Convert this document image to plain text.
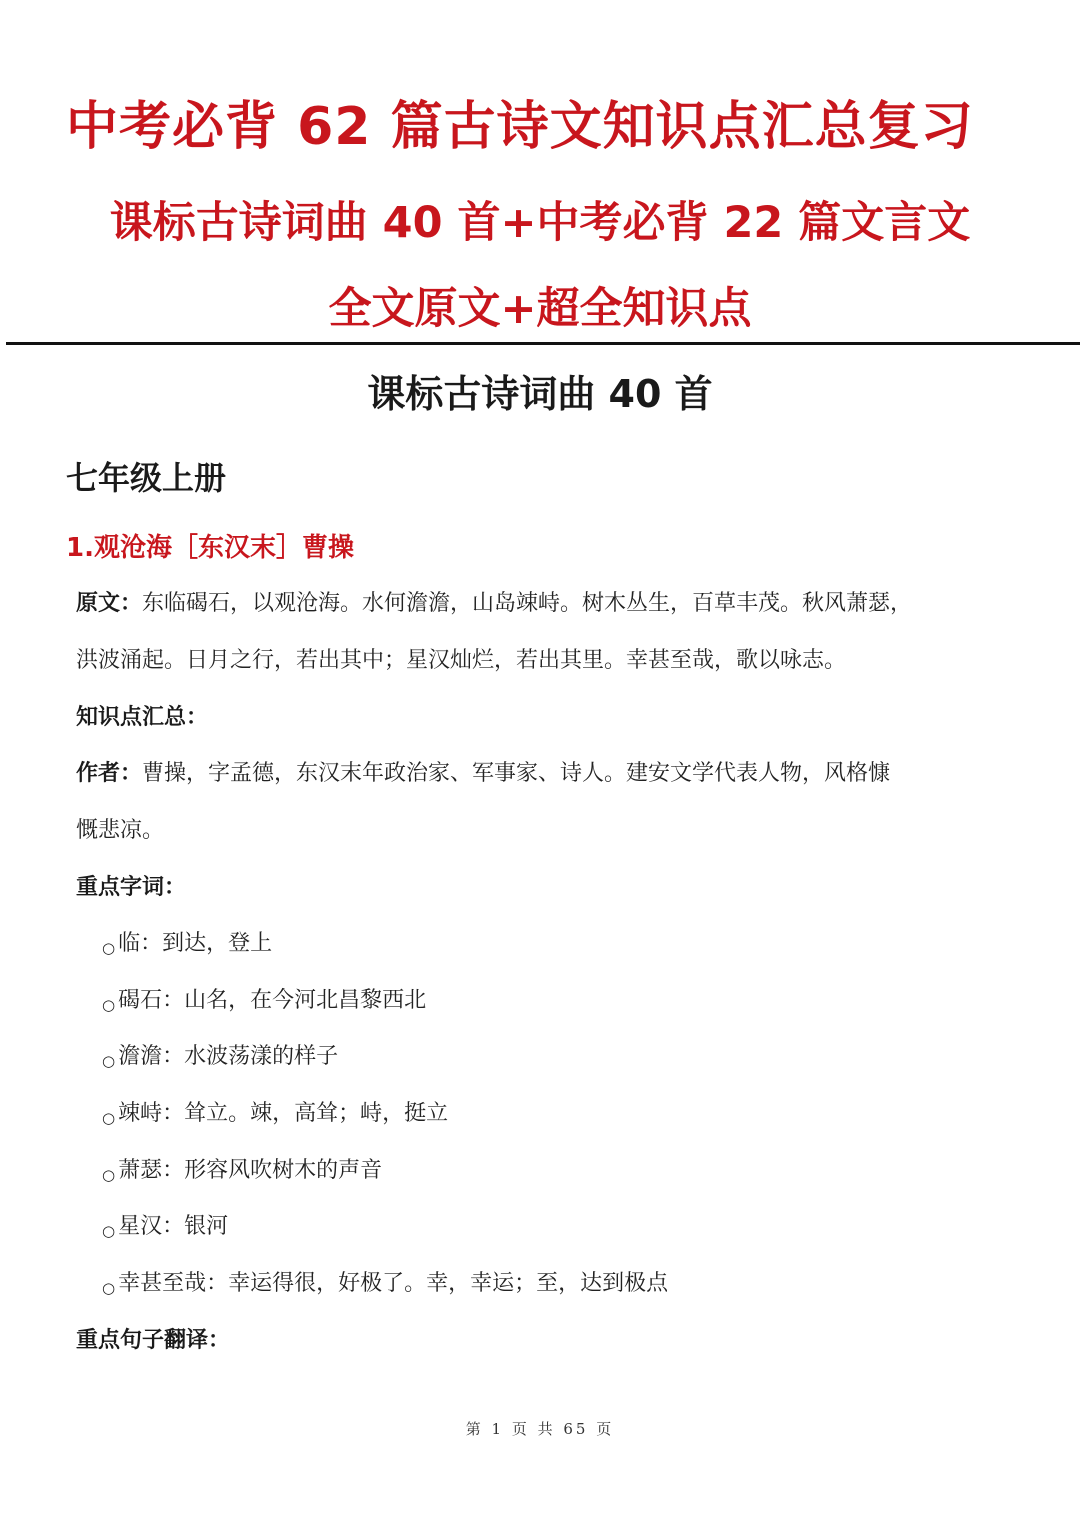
中考必背 62 篇古诗文知识点汇总复习
课标古诗词曲 40 首+中考必背 22 篇文言文
全文原文+超全知识点
课标古诗词曲 40 首
七年级上册
1.观沧海［东汉末］曹操
原文：东临碣石，以观沧海。水何澹澹，山岛竦峙。树木丛生，百草丰茂。秋风萧瑟，
洪波涌起。日月之行，若出其中；星汉灿烂，若出其里。幸甚至哉，歌以咏志。
知识点汇总：
作者：曹操，字孟德，东汉末年政治家、军事家、诗人。建安文学代表人物，风格慷
慨悲凉。
重点字词：
○ 临：到达，登上
○ 碣石：山名，在今河北昌黎西北
○ 澹澹：水波荡漾的样子
○ 竦峙：耸立。竦，高耸；峙，挺立
○ 萧瑟：形容风吹树木的声音
○ 星汉：银河
○ 幸甚至哉：幸运得很，好极了。幸，幸运；至，达到极点
重点句子翻译：
第 1 页 共 65 页
